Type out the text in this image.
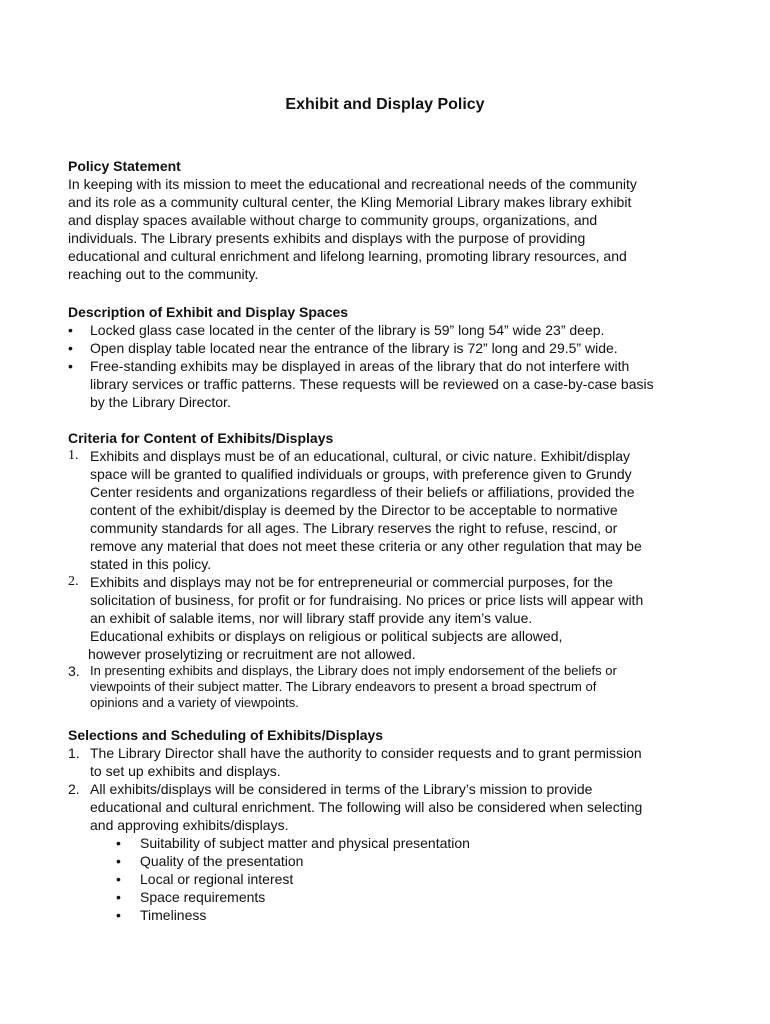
Exhibit and Display Policy
Policy Statement
In keeping with its mission to meet the educational and recreational needs of the community
and its role as a community cultural center, the Kling Memorial Library makes library exhibit
and display spaces available without charge to community groups, organizations, and
individuals. The Library presents exhibits and displays with the purpose of providing
educational and cultural enrichment and lifelong learning, promoting library resources, and
reaching out to the community.
Description of Exhibit and Display Spaces
• Locked glass case located in the center of the library is 59” long 54” wide 23” deep.
• Open display table located near the entrance of the library is 72” long and 29.5” wide.
• Free-standing exhibits may be displayed in areas of the library that do not interfere with
library services or traffic patterns. These requests will be reviewed on a case-by-case basis
by the Library Director.
Criteria for Content of Exhibits/Displays
1. Exhibits and displays must be of an educational, cultural, or civic nature. Exhibit/display
space will be granted to qualified individuals or groups, with preference given to Grundy
Center residents and organizations regardless of their beliefs or affiliations, provided the
content of the exhibit/display is deemed by the Director to be acceptable to normative
community standards for all ages. The Library reserves the right to refuse, rescind, or
remove any material that does not meet these criteria or any other regulation that may be
stated in this policy.
2. Exhibits and displays may not be for entrepreneurial or commercial purposes, for the
solicitation of business, for profit or for fundraising. No prices or price lists will appear with
an exhibit of salable items, nor will library staff provide any item’s value.
Educational exhibits or displays on religious or political subjects are allowed,
however proselytizing or recruitment are not allowed.
3. In presenting exhibits and displays, the Library does not imply endorsement of the beliefs or
viewpoints of their subject matter. The Library endeavors to present a broad spectrum of
opinions and a variety of viewpoints.
Selections and Scheduling of Exhibits/Displays
1. The Library Director shall have the authority to consider requests and to grant permission
to set up exhibits and displays.
2. All exhibits/displays will be considered in terms of the Library’s mission to provide
educational and cultural enrichment. The following will also be considered when selecting
and approving exhibits/displays.
• Suitability of subject matter and physical presentation
• Quality of the presentation
• Local or regional interest
• Space requirements
• Timeliness
